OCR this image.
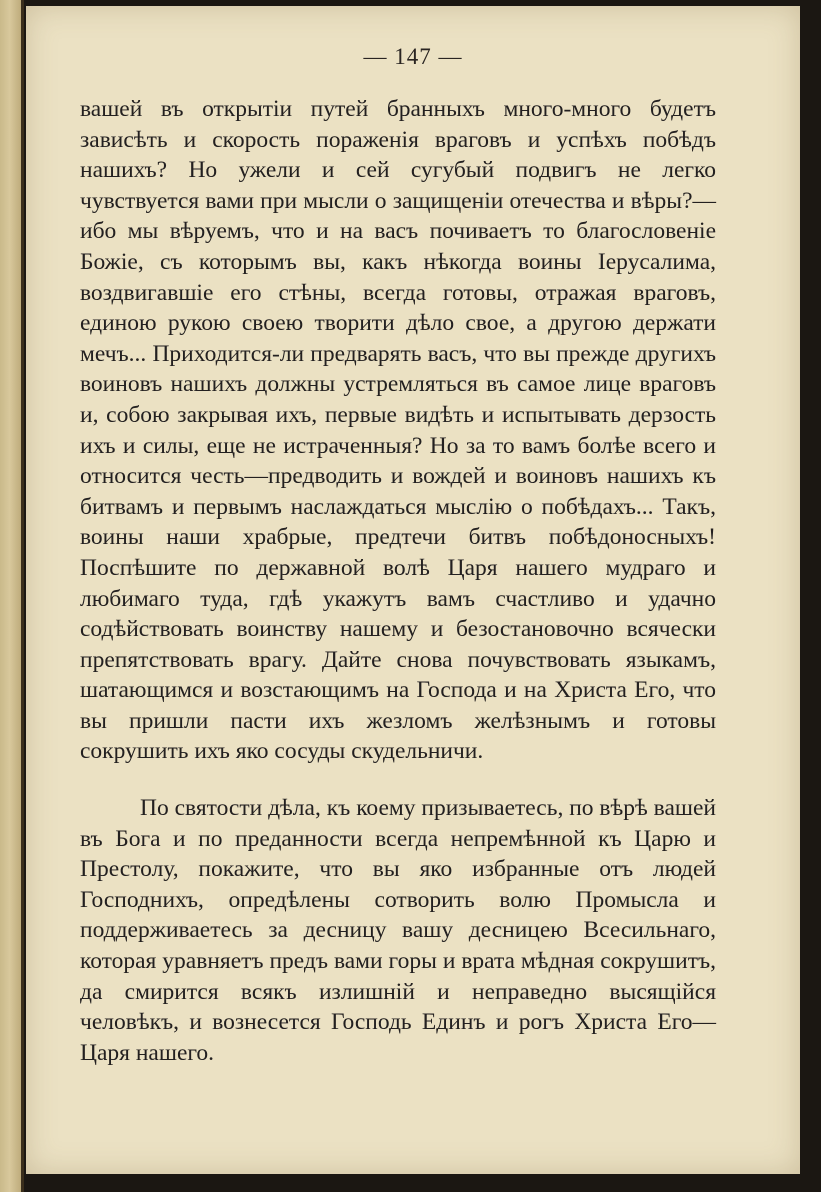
— 147 —

вашей въ открытіи путей бранныхъ много-много будетъ зависѣть и скорость пораженія враговъ и успѣхъ побѣдъ нашихъ? Но ужели и сей сугубый подвигъ не легко чувствуется вами при мысли о защищеніи отечества и вѣры?—ибо мы вѣруемъ, что и на васъ почиваетъ то благословеніе Божіе, съ которымъ вы, какъ нѣкогда воины Іерусалима, воздвигавшіе его стѣны, всегда готовы, отражая враговъ, единою рукою своею творити дѣло свое, а другою держати мечъ... Приходится-ли предварять васъ, что вы прежде другихъ воиновъ нашихъ должны устремляться въ самое лице враговъ и, собою закрывая ихъ, первые видѣть и испытывать дерзость ихъ и силы, еще не истраченныя? Но за то вамъ болѣе всего и относится честь—предводить и вождей и воиновъ нашихъ къ битвамъ и первымъ наслаждаться мыслію о побѣдахъ... Такъ, воины наши храбрые, предтечи битвъ побѣдоносныхъ! Поспѣшите по державной волѣ Царя нашего мудраго и любимаго туда, гдѣ укажутъ вамъ счастливо и удачно содѣйствовать воинству нашему и безостановочно всячески препятствовать врагу. Дайте снова почувствовать языкамъ, шатающимся и возстающимъ на Господа и на Христа Его, что вы пришли пасти ихъ жезломъ желѣзнымъ и готовы сокрушить ихъ яко сосуды скудельничи.

По святости дѣла, къ коему призываетесь, по вѣрѣ вашей въ Бога и по преданности всегда непремѣнной къ Царю и Престолу, покажите, что вы яко избранные отъ людей Господнихъ, опредѣлены сотворить волю Промысла и поддерживаетесь за десницу вашу десницею Всесильнаго, которая уравняетъ предъ вами горы и врата мѣдная сокрушитъ, да смирится всякъ излишній и неправедно высящійся человѣкъ, и вознесется Господь Единъ и рогъ Христа Его—Царя нашего.
